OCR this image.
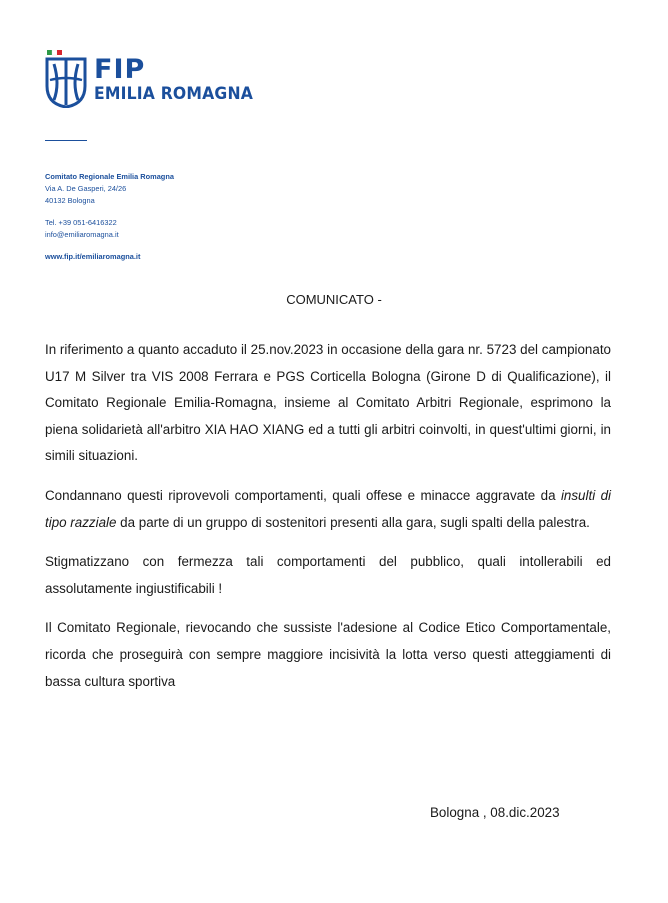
FIP
EMILIA ROMAGNA
Comitato Regionale Emilia Romagna
Via A. De Gasperi, 24/26
40132 Bologna
Tel. +39 051-6416322
info@emiliaromagna.it
www.fip.it/emiliaromagna.it
COMUNICATO -

In riferimento a quanto accaduto il 25.nov.2023 in occasione della gara nr. 5723 del campionato U17 M Silver tra VIS 2008 Ferrara e PGS Corticella Bologna (Girone D di Qualificazione), il Comitato Regionale Emilia-Romagna, insieme al Comitato Arbitri Regionale, esprimono la piena solidarietà all'arbitro XIA HAO XIANG ed a tutti gli arbitri coinvolti, in quest'ultimi giorni, in simili situazioni.

Condannano questi riprovevoli comportamenti, quali offese e minacce aggravate da insulti di tipo razziale da parte di un gruppo di sostenitori presenti alla gara, sugli spalti della palestra.

Stigmatizzano con fermezza tali comportamenti del pubblico, quali intollerabili ed assolutamente ingiustificabili !

Il Comitato Regionale, rievocando che sussiste l'adesione al Codice Etico Comportamentale, ricorda che proseguirà con sempre maggiore incisività la lotta verso questi atteggiamenti di bassa cultura sportiva

Bologna , 08.dic.2023
